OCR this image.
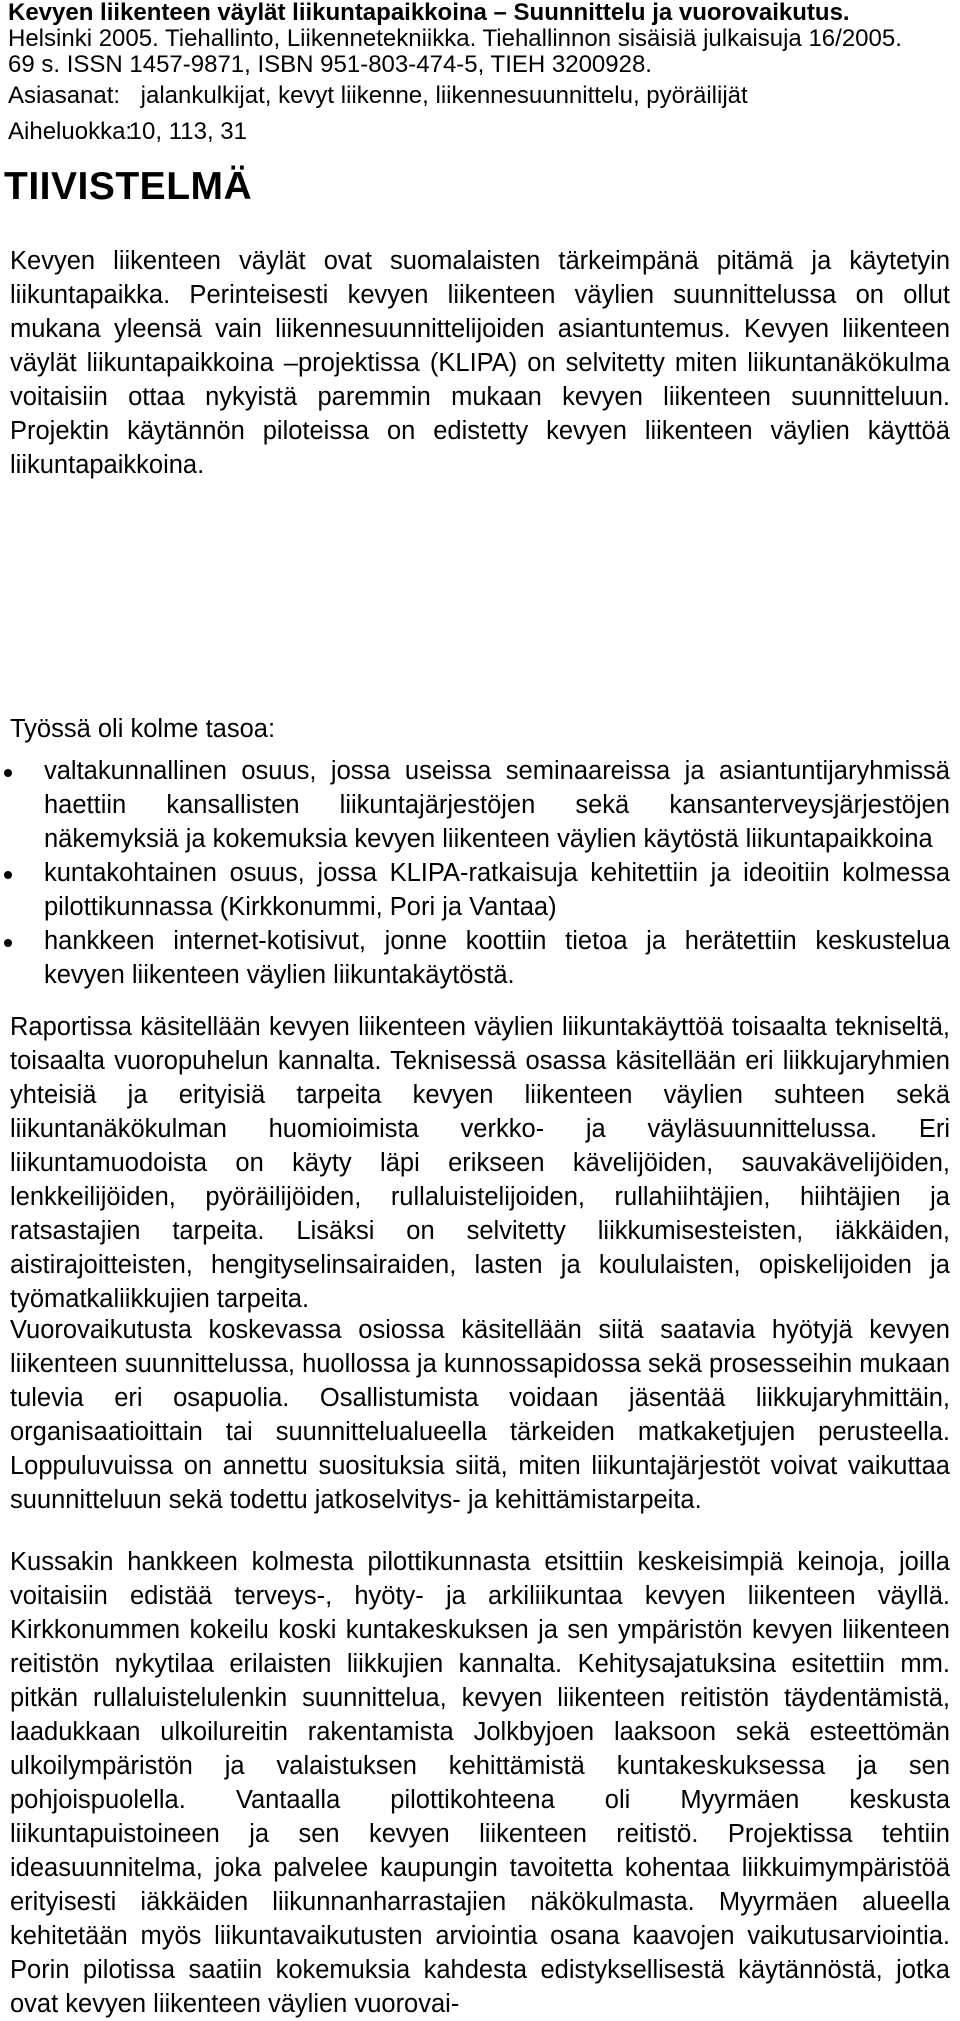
Kevyen liikenteen väylät liikuntapaikkoina – Suunnittelu ja vuorovaikutus.
Helsinki 2005. Tiehallinto, Liikennetekniikka. Tiehallinnon sisäisiä julkaisuja 16/2005.
69 s. ISSN 1457-9871, ISBN 951-803-474-5, TIEH 3200928.
Asiasanat: jalankulkijat, kevyt liikenne, liikennesuunnittelu, pyöräilijät
Aiheluokka: 10, 113, 31
TIIVISTELMÄ

Kevyen liikenteen väylät ovat suomalaisten tärkeimpänä pitämä ja käytetyin liikuntapaikka. Perinteisesti kevyen liikenteen väylien suunnittelussa on ollut mukana yleensä vain liikennesuunnittelijoiden asiantuntemus. Kevyen liikenteen väylät liikuntapaikkoina –projektissa (KLIPA) on selvitetty miten liikuntanäkökulma voitaisiin ottaa nykyistä paremmin mukaan kevyen liikenteen suunnitteluun. Projektin käytännön piloteissa on edistetty kevyen liikenteen väylien käyttöä liikuntapaikkoina.

Työssä oli kolme tasoa:

valtakunnallinen osuus, jossa useissa seminaareissa ja asiantuntijaryhmissä haettiin kansallisten liikuntajärjestöjen sekä kansanterveysjärjestöjen näkemyksiä ja kokemuksia kevyen liikenteen väylien käytöstä liikuntapaikkoina
kuntakohtainen osuus, jossa KLIPA-ratkaisuja kehitettiin ja ideoitiin kolmessa pilottikunnassa (Kirkkonummi, Pori ja Vantaa)
hankkeen internet-kotisivut, jonne koottiin tietoa ja herätettiin keskustelua kevyen liikenteen väylien liikuntakäytöstä.

Raportissa käsitellään kevyen liikenteen väylien liikuntakäyttöä toisaalta tekniseltä, toisaalta vuoropuhelun kannalta. Teknisessä osassa käsitellään eri liikkujaryhmien yhteisiä ja erityisiä tarpeita kevyen liikenteen väylien suhteen sekä liikuntanäkökulman huomioimista verkko- ja väyläsuunnittelussa. Eri liikuntamuodoista on käyty läpi erikseen kävelijöiden, sauvakävelijöiden, lenkkeilijöiden, pyöräilijöiden, rullaluistelijoiden, rullahiihtäjien, hiihtäjien ja ratsastajien tarpeita. Lisäksi on selvitetty liikkumisesteisten, iäkkäiden, aistirajoitteisten, hengityselinsairaiden, lasten ja koululaisten, opiskelijoiden ja työmatkaliikkujien tarpeita.

Vuorovaikutusta koskevassa osiossa käsitellään siitä saatavia hyötyjä kevyen liikenteen suunnittelussa, huollossa ja kunnossapidossa sekä prosesseihin mukaan tulevia eri osapuolia. Osallistumista voidaan jäsentää liikkujaryhmittäin, organisaatioittain tai suunnittelualueella tärkeiden matkaketjujen perusteella. Loppuluvuissa on annettu suosituksia siitä, miten liikuntajärjestöt voivat vaikuttaa suunnitteluun sekä todettu jatkoselvitys- ja kehittämistarpeita.

Kussakin hankkeen kolmesta pilottikunnasta etsittiin keskeisimpiä keinoja, joilla voitaisiin edistää terveys-, hyöty- ja arkiliikuntaa kevyen liikenteen väyllä. Kirkkonummen kokeilu koski kuntakeskuksen ja sen ympäristön kevyen liikenteen reitistön nykytilaa erilaisten liikkujien kannalta. Kehitysajatuksina esitettiin mm. pitkän rullaluistelulenkin suunnittelua, kevyen liikenteen reitistön täydentämistä, laadukkaan ulkoilureitin rakentamista Jolkbyjoen laaksoon sekä esteettömän ulkoilympäristön ja valaistuksen kehittämistä kuntakeskuksessa ja sen pohjoispuolella. Vantaalla pilottikohteena oli Myyrmäen keskusta liikuntapuistoineen ja sen kevyen liikenteen reitistö. Projektissa tehtiin ideasuunnitelma, joka palvelee kaupungin tavoitetta kohentaa liikkuimympäristöä erityisesti iäkkäiden liikunnanharrastajien näkökulmasta. Myyrmäen alueella kehitetään myös liikuntavaikutusten arviointia osana kaavojen vaikutusarviointia. Porin pilotissa saatiin kokemuksia kahdesta edistyksellisestä käytännöstä, jotka ovat kevyen liikenteen väylien vuorovai-
